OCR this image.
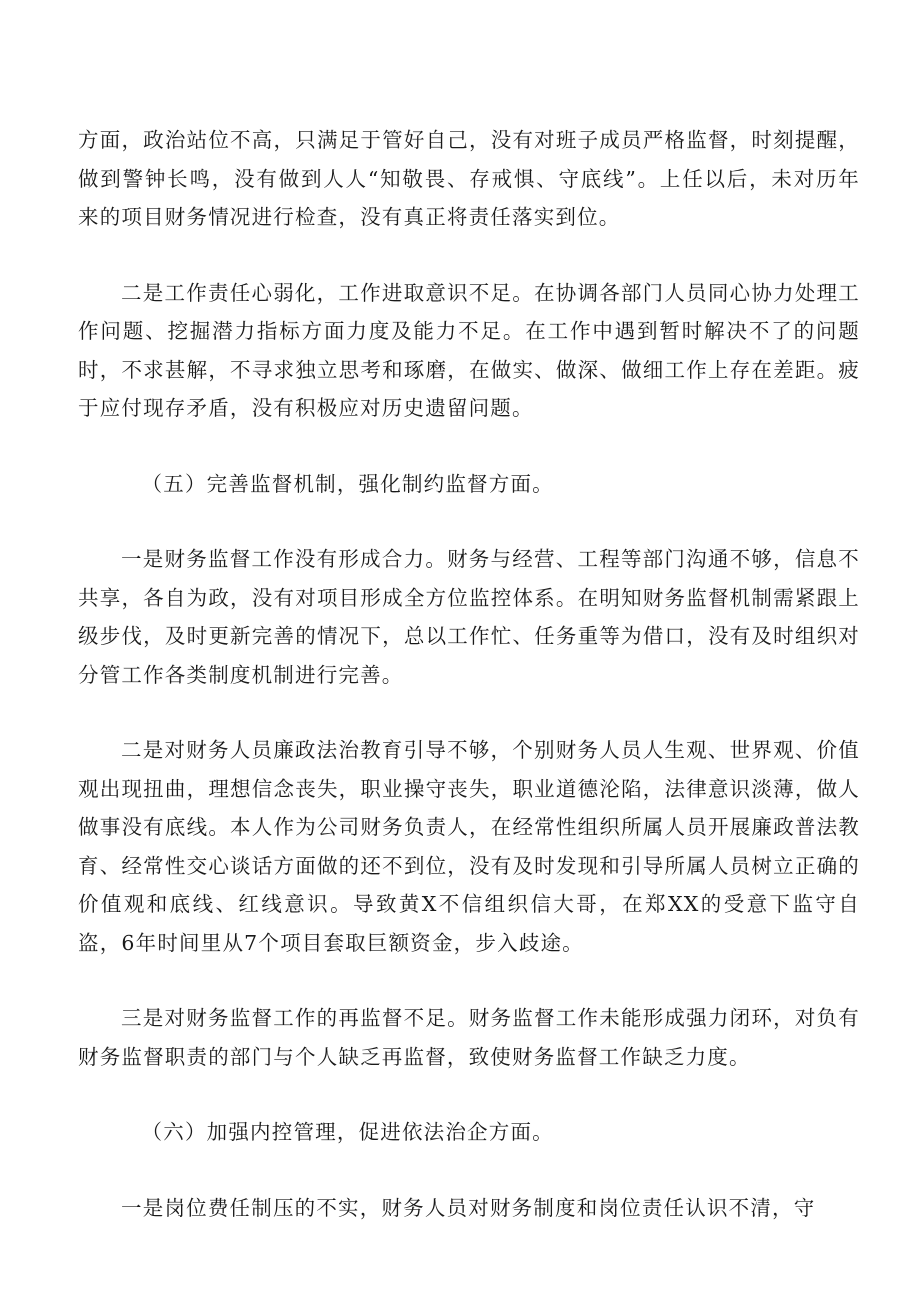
方面，政治站位不高，只满足于管好自己，没有对班子成员严格监督，时刻提醒，做到警钟长鸣，没有做到人人“知敬畏、存戒惧、守底线”。上任以后，未对历年来的项目财务情况进行检查，没有真正将责任落实到位。

二是工作责任心弱化，工作进取意识不足。在协调各部门人员同心协力处理工作问题、挖掘潜力指标方面力度及能力不足。在工作中遇到暂时解决不了的问题时，不求甚解，不寻求独立思考和琢磨，在做实、做深、做细工作上存在差距。疲于应付现存矛盾，没有积极应对历史遗留问题。

（五）完善监督机制，强化制约监督方面。

一是财务监督工作没有形成合力。财务与经营、工程等部门沟通不够，信息不共享，各自为政，没有对项目形成全方位监控体系。在明知财务监督机制需紧跟上级步伐，及时更新完善的情况下，总以工作忙、任务重等为借口，没有及时组织对分管工作各类制度机制进行完善。

二是对财务人员廉政法治教育引导不够，个别财务人员人生观、世界观、价值观出现扭曲，理想信念丧失，职业操守丧失，职业道德沦陷，法律意识淡薄，做人做事没有底线。本人作为公司财务负责人，在经常性组织所属人员开展廉政普法教育、经常性交心谈话方面做的还不到位，没有及时发现和引导所属人员树立正确的价值观和底线、红线意识。导致黄X不信组织信大哥，在郑XX的受意下监守自盗，6年时间里从7个项目套取巨额资金，步入歧途。

三是对财务监督工作的再监督不足。财务监督工作未能形成强力闭环，对负有财务监督职责的部门与个人缺乏再监督，致使财务监督工作缺乏力度。

（六）加强内控管理，促进依法治企方面。

一是岗位费任制压的不实，财务人员对财务制度和岗位责任认识不清，守
